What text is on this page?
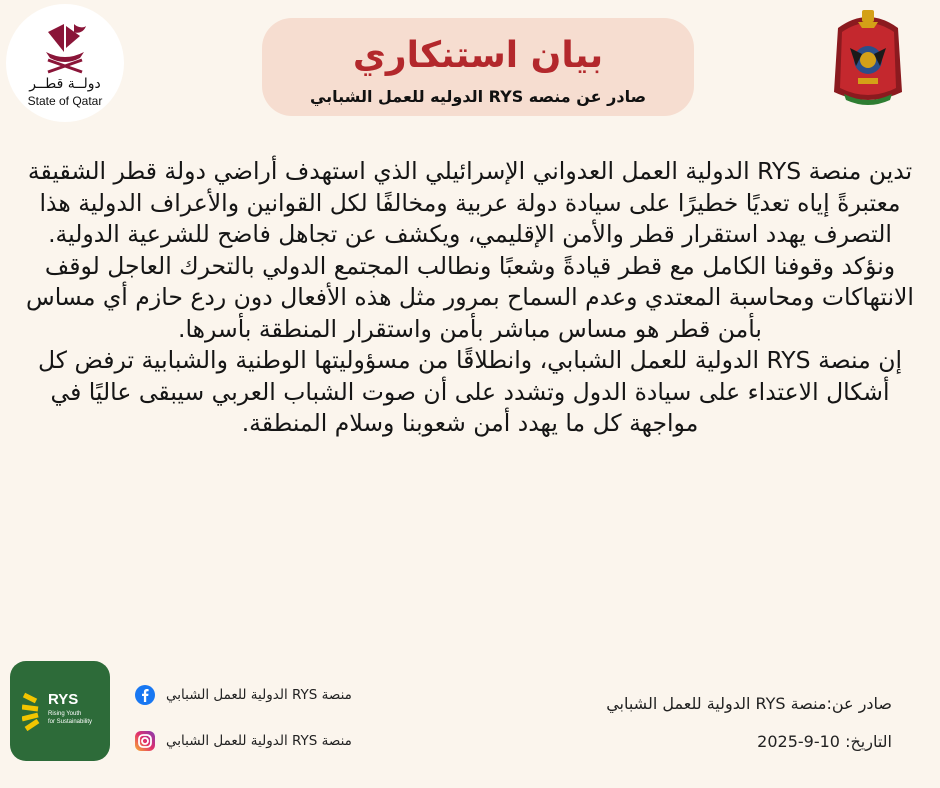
دولــة قطــر
State of Qatar
بيان استنكاري
صادر عن منصه RYS الدوليه للعمل الشبابي

تدين منصة RYS الدولية العمل العدواني الإسرائيلي الذي استهدف أراضي دولة قطر الشقيقة معتبرةً إياه تعديًا خطيرًا على سيادة دولة عربية ومخالفًا لكل القوانين والأعراف الدولية هذا التصرف يهدد استقرار قطر والأمن الإقليمي، ويكشف عن تجاهل فاضح للشرعية الدولية.

ونؤكد وقوفنا الكامل مع قطر قيادةً وشعبًا ونطالب المجتمع الدولي بالتحرك العاجل لوقف الانتهاكات ومحاسبة المعتدي وعدم السماح بمرور مثل هذه الأفعال دون ردع حازم أي مساس بأمن قطر هو مساس مباشر بأمن واستقرار المنطقة بأسرها.

إن منصة RYS الدولية للعمل الشبابي، وانطلاقًا من مسؤوليتها الوطنية والشبابية ترفض كل أشكال الاعتداء على سيادة الدول وتشدد على أن صوت الشباب العربي سيبقى عاليًا في مواجهة كل ما يهدد أمن شعوبنا وسلام المنطقة.

RYS
Rising Youth
for Sustainability
منصة RYS الدولية للعمل الشبابي
منصة RYS الدولية للعمل الشبابي
صادر عن:منصة RYS الدولية للعمل الشبابي
التاريخ: 10-9-2025
